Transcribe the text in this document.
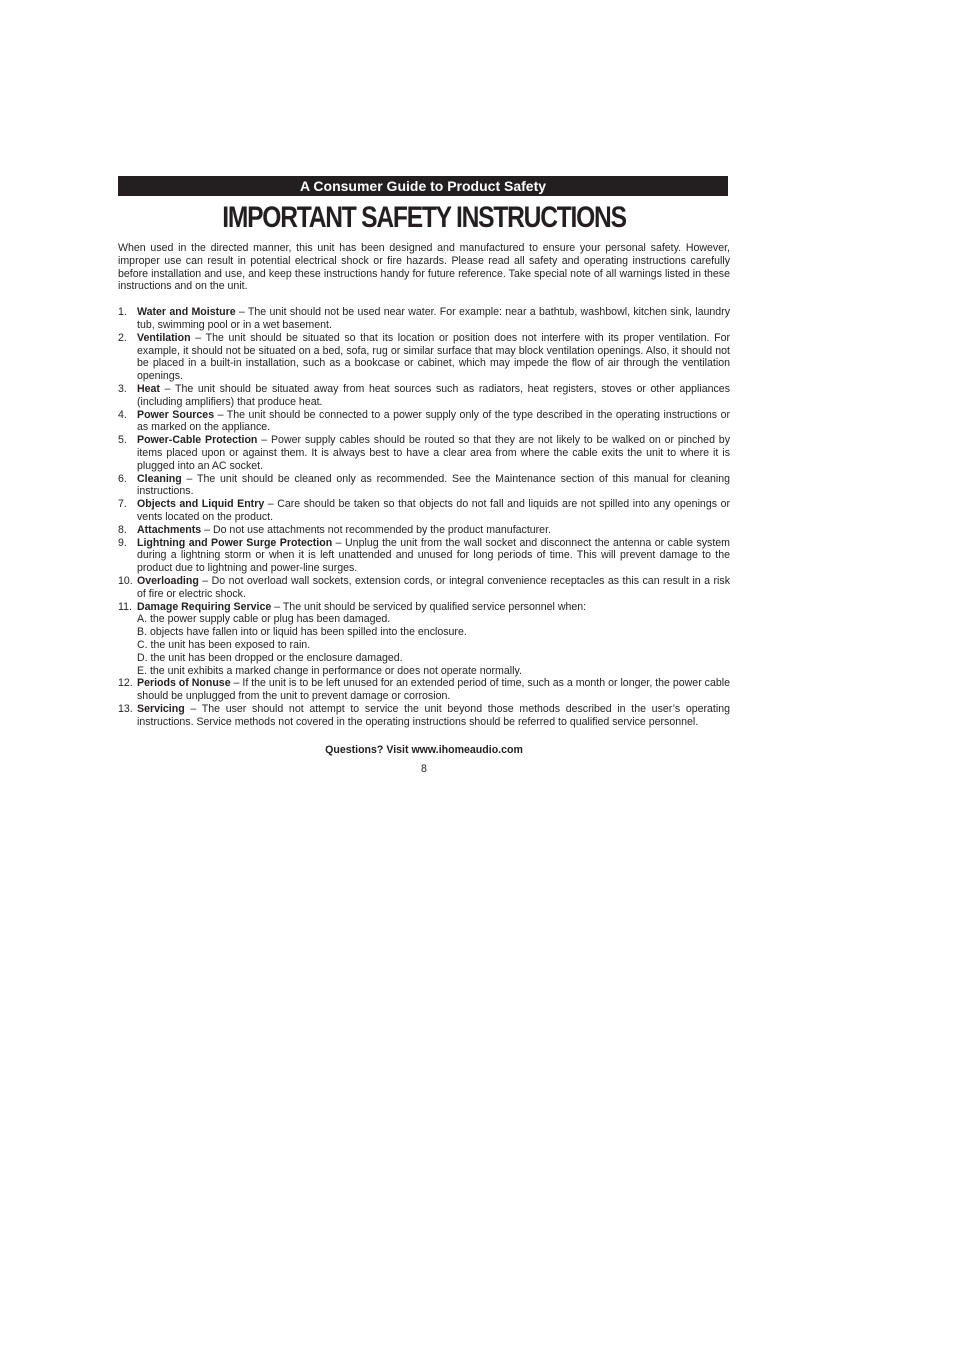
A Consumer Guide to Product Safety
IMPORTANT SAFETY INSTRUCTIONS

When used in the directed manner, this unit has been designed and manufactured to ensure your personal safety. However, improper use can result in potential electrical shock or fire hazards. Please read all safety and operating instructions carefully before installation and use, and keep these instructions handy for future reference. Take special note of all warnings listed in these instructions and on the unit.

1. Water and Moisture – The unit should not be used near water. For example: near a bathtub, washbowl, kitchen sink, laundry tub, swimming pool or in a wet basement.
2. Ventilation – The unit should be situated so that its location or position does not interfere with its proper ventilation. For example, it should not be situated on a bed, sofa, rug or similar surface that may block ventilation openings. Also, it should not be placed in a built-in installation, such as a bookcase or cabinet, which may impede the flow of air through the ventilation openings.
3. Heat – The unit should be situated away from heat sources such as radiators, heat registers, stoves or other appliances (including amplifiers) that produce heat.
4. Power Sources – The unit should be connected to a power supply only of the type described in the operating instructions or as marked on the appliance.
5. Power-Cable Protection – Power supply cables should be routed so that they are not likely to be walked on or pinched by items placed upon or against them. It is always best to have a clear area from where the cable exits the unit to where it is plugged into an AC socket.
6. Cleaning – The unit should be cleaned only as recommended. See the Maintenance section of this manual for cleaning instructions.
7. Objects and Liquid Entry – Care should be taken so that objects do not fall and liquids are not spilled into any openings or vents located on the product.
8. Attachments – Do not use attachments not recommended by the product manufacturer.
9. Lightning and Power Surge Protection – Unplug the unit from the wall socket and disconnect the antenna or cable system during a lightning storm or when it is left unattended and unused for long periods of time. This will prevent damage to the product due to lightning and power-line surges.
10. Overloading – Do not overload wall sockets, extension cords, or integral convenience receptacles as this can result in a risk of fire or electric shock.
11. Damage Requiring Service – The unit should be serviced by qualified service personnel when:
A. the power supply cable or plug has been damaged.
B. objects have fallen into or liquid has been spilled into the enclosure.
C. the unit has been exposed to rain.
D. the unit has been dropped or the enclosure damaged.
E. the unit exhibits a marked change in performance or does not operate normally.
12. Periods of Nonuse – If the unit is to be left unused for an extended period of time, such as a month or longer, the power cable should be unplugged from the unit to prevent damage or corrosion.
13. Servicing – The user should not attempt to service the unit beyond those methods described in the user’s operating instructions. Service methods not covered in the operating instructions should be referred to qualified service personnel.
Questions? Visit www.ihomeaudio.com
8
